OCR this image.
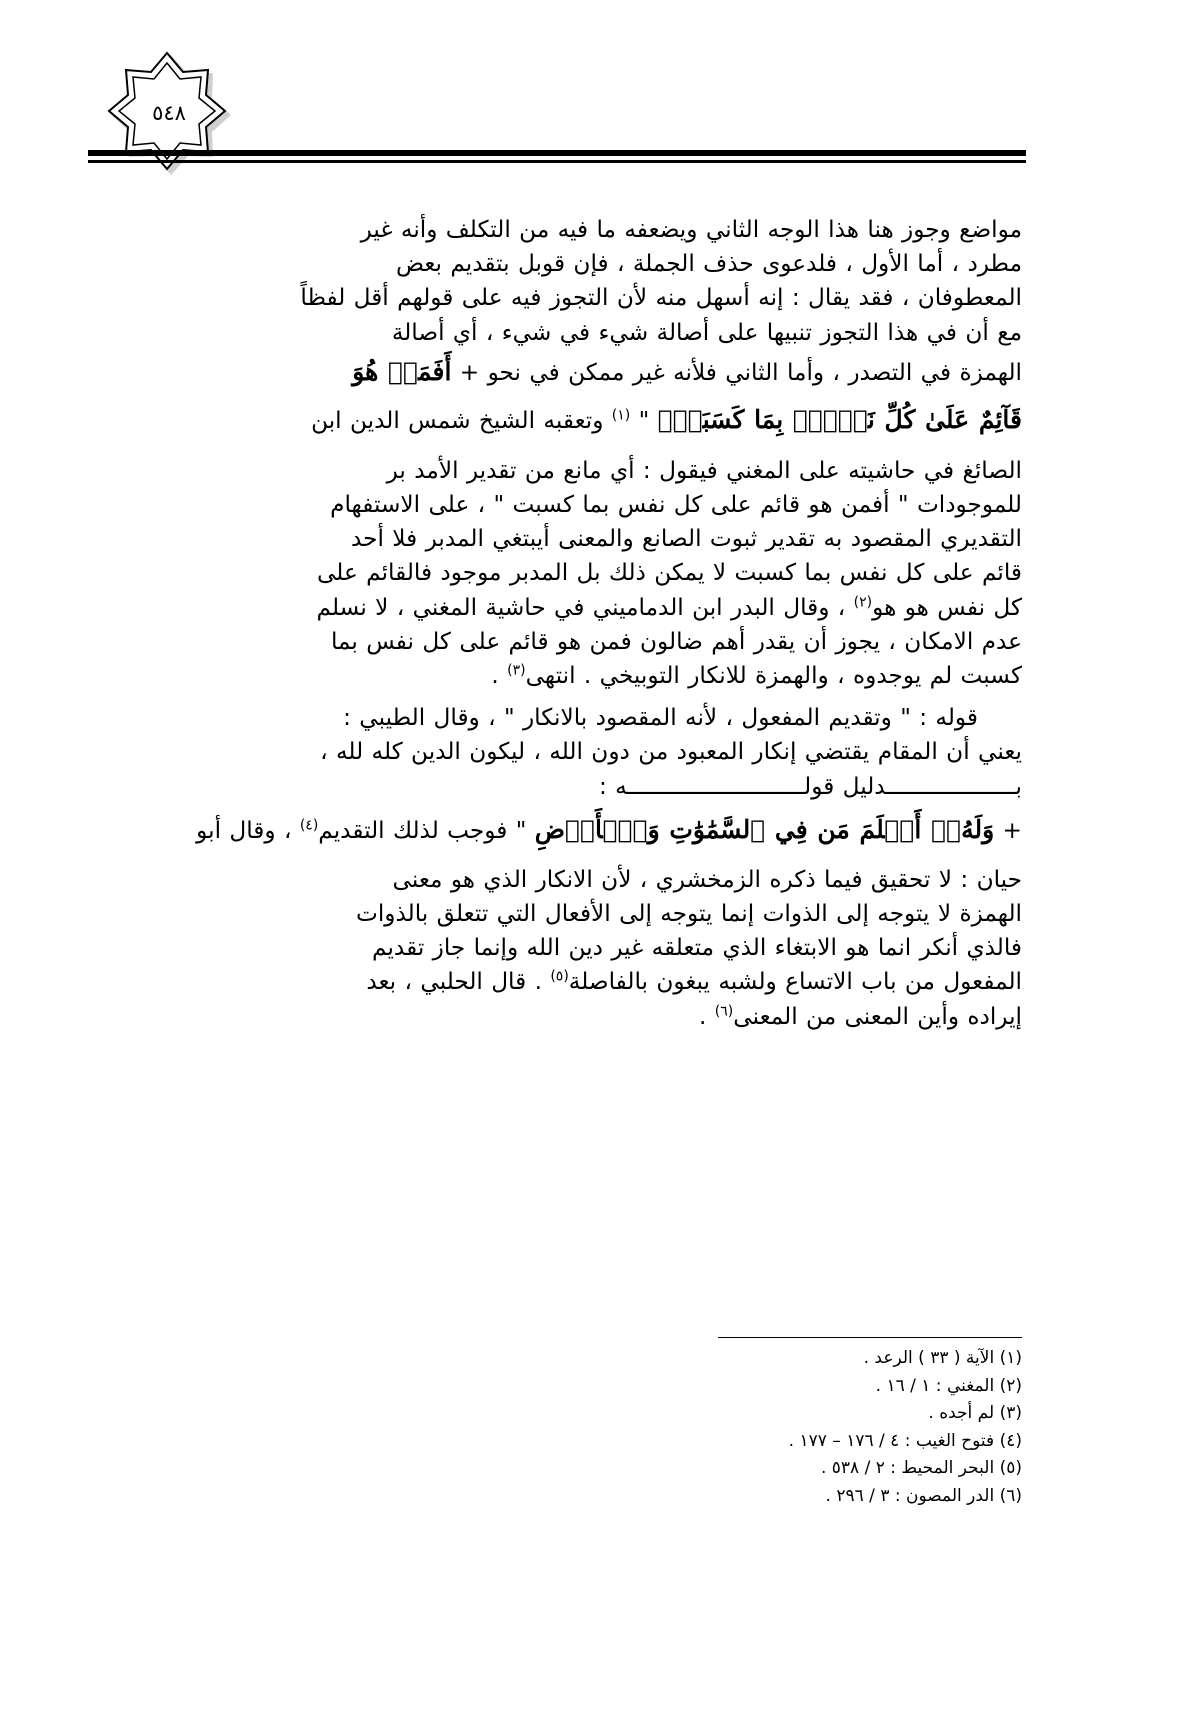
٥٤٨

مواضع وجوز هنا هذا الوجه الثاني ويضعفه ما فيه من التكلف وأنه غير

مطرد ، أما الأول ، فلدعوى حذف الجملة ، فإن قوبل بتقديم بعض

المعطوفان ، فقد يقال : إنه أسهل منه لأن التجوز فيه على قولهم أقل لفظاً

مع أن في هذا التجوز تنبيها على أصالة شيء في شيء ، أي أصالة

الهمزة في التصدر ، وأما الثاني فلأنه غير ممكن في نحو + أَفَمَنۡ هُوَ

قَآئِمٌ عَلَىٰ كُلِّ نَفۡسِۢ بِمَا كَسَبَتۡۗ " $^{(١)}$ وتعقبه الشيخ شمس الدين ابن

الصائغ في حاشيته على المغني فيقول : أي مانع من تقدير الأمد بر

للموجودات " أفمن هو قائم على كل نفس بما كسبت " ، على الاستفهام

التقديري المقصود به تقدير ثبوت الصانع والمعنى أيبتغي المدبر فلا أحد

قائم على كل نفس بما كسبت لا يمكن ذلك بل المدبر موجود فالقائم على

كل نفس هو هو$^{(٢)}$ ، وقال البدر ابن الدماميني في حاشية المغني ، لا نسلم

عدم الامكان ، يجوز أن يقدر أهم ضالون فمن هو قائم على كل نفس بما

كسبت لم يوجدوه ، والهمزة للانكار التوبيخي . انتهى$^{(٣)}$ .

قوله : " وتقديم المفعول ، لأنه المقصود بالانكار " ، وقال الطيبي :

يعني أن المقام يقتضي إنكار المعبود من دون الله ، ليكون الدين كله لله ،

بـــــــــــــــــــدليل قولــــــــــــــــــــــــــه :

+ وَلَهُۥٓ أَسۡلَمَ مَن فِي ٱلسَّمَٰوَٰتِ وَٱلۡأَرۡضِ " فوجب لذلك التقديم$^{(٤)}$ ، وقال أبو

حيان : لا تحقيق فيما ذكره الزمخشري ، لأن الانكار الذي هو معنى

الهمزة لا يتوجه إلى الذوات إنما يتوجه إلى الأفعال التي تتعلق بالذوات

فالذي أنكر انما هو الابتغاء الذي متعلقه غير دين الله وإنما جاز تقديم

المفعول من باب الاتساع ولشبه يبغون بالفاصلة$^{(٥)}$ . قال الحلبي ، بعد

إيراده وأين المعنى من المعنى$^{(٦)}$ .

(١) الآية ( ٣٣ ) الرعد .
(٢) المغني : ١ / ١٦ .
(٣) لم أجده .
(٤) فتوح الغيب : ٤ / ١٧٦ – ١٧٧ .
(٥) البحر المحيط : ٢ / ٥٣٨ .
(٦) الدر المصون : ٣ / ٢٩٦ .
